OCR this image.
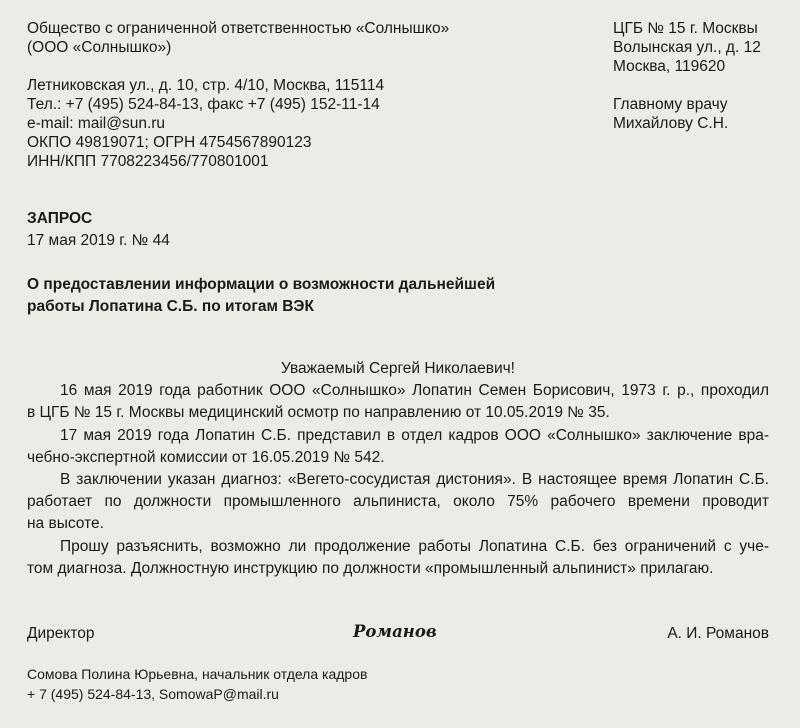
Общество с ограниченной ответственностью «Солнышко»
(ООО «Солнышко»)
Летниковская ул., д. 10, стр. 4/10, Москва, 115114
Тел.: +7 (495) 524-84-13, факс +7 (495) 152-11-14
e-mail: mail@sun.ru
ОКПО 49819071; ОГРН 4754567890123
ИНН/КПП 7708223456/770801001
ЦГБ № 15 г. Москвы
Волынская ул., д. 12
Москва, 119620
Главному врачу
Михайлову С.Н.
ЗАПРОС
17 мая 2019 г. № 44
О предоставлении информации о возможности дальнейшей
работы Лопатина С.Б. по итогам ВЭК
Уважаемый Сергей Николаевич!
16 мая 2019 года работник ООО «Солнышко» Лопатин Семен Борисович, 1973 г. р., проходил
в ЦГБ № 15 г. Москвы медицинский осмотр по направлению от 10.05.2019 № 35.
17 мая 2019 года Лопатин С.Б. представил в отдел кадров ООО «Солнышко» заключение вра-
чебно-экспертной комиссии от 16.05.2019 № 542.
В заключении указан диагноз: «Вегето-сосудистая дистония». В настоящее время Лопатин С.Б.
работает по должности промышленного альпиниста, около 75% рабочего времени проводит
на высоте.
Прошу разъяснить, возможно ли продолжение работы Лопатина С.Б. без ограничений с уче-
том диагноза. Должностную инструкцию по должности «промышленный альпинист» прилагаю.
Директор	Романов	А. И. Романов
Сомова Полина Юрьевна, начальник отдела кадров
+ 7 (495) 524-84-13, SomowaP@mail.ru
